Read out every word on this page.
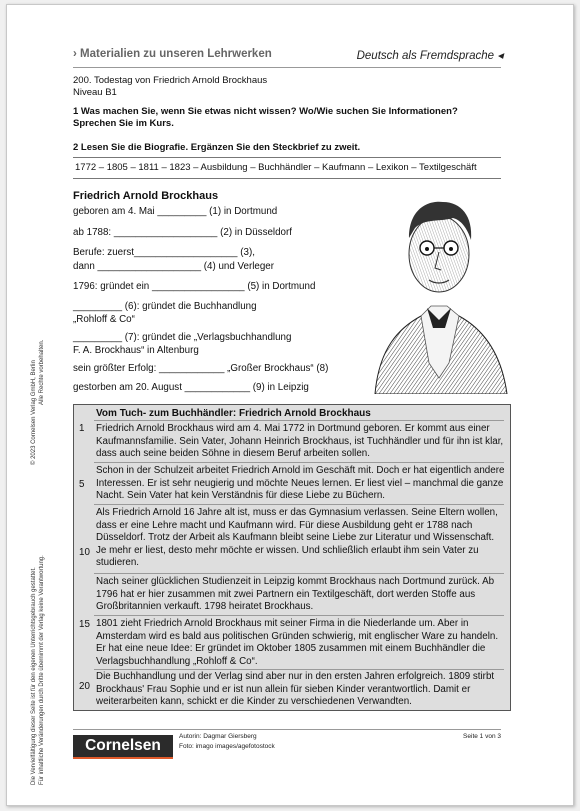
› Materialien zu unseren Lehrwerken	Deutsch als Fremdsprache ◂
200. Todestag von Friedrich Arnold Brockhaus
Niveau B1
1 Was machen Sie, wenn Sie etwas nicht wissen? Wo/Wie suchen Sie Informationen?
Sprechen Sie im Kurs.
2 Lesen Sie die Biografie. Ergänzen Sie den Steckbrief zu zweit.
1772 – 1805 – 1811 – 1823 – Ausbildung – Buchhändler – Kaufmann – Lexikon – Textilgeschäft
Friedrich Arnold Brockhaus
geboren am 4. Mai _________ (1) in Dortmund
ab 1788: ___________________ (2) in Düsseldorf
Berufe: zuerst___________________ (3),
dann ___________________ (4) und Verleger
1796: gründet ein _________________ (5) in Dortmund
_________ (6): gründet die Buchhandlung
„Rohloff & Co“
_________ (7): gründet die „Verlagsbuchhandlung
F. A. Brockhaus“ in Altenburg
sein größter Erfolg: ____________ „Großer Brockhaus“ (8)
gestorben am 20. August ____________ (9) in Leipzig
Vom Tuch- zum Buchhändler: Friedrich Arnold Brockhaus
1
5
10
15
20
Friedrich Arnold Brockhaus wird am 4. Mai 1772 in Dortmund geboren. Er kommt aus einer Kaufmannsfamilie. Sein Vater, Johann Heinrich Brockhaus, ist Tuchhändler und für ihn ist klar, dass auch seine beiden Söhne in diesem Beruf arbeiten sollen.
Schon in der Schulzeit arbeitet Friedrich Arnold im Geschäft mit. Doch er hat eigentlich andere Interessen. Er ist sehr neugierig und möchte Neues lernen. Er liest viel – manchmal die ganze Nacht. Sein Vater hat kein Verständnis für diese Liebe zu Büchern.
Als Friedrich Arnold 16 Jahre alt ist, muss er das Gymnasium verlassen. Seine Eltern wollen, dass er eine Lehre macht und Kaufmann wird. Für diese Ausbildung geht er 1788 nach Düsseldorf. Trotz der Arbeit als Kaufmann bleibt seine Liebe zur Literatur und Wissenschaft. Je mehr er liest, desto mehr möchte er wissen. Und schließlich erlaubt ihm sein Vater zu studieren.
Nach seiner glücklichen Studienzeit in Leipzig kommt Brockhaus nach Dortmund zurück. Ab 1796 hat er hier zusammen mit zwei Partnern ein Textilgeschäft, dort werden Stoffe aus Großbritannien verkauft. 1798 heiratet Brockhaus.
1801 zieht Friedrich Arnold Brockhaus mit seiner Firma in die Niederlande um. Aber in Amsterdam wird es bald aus politischen Gründen schwierig, mit englischer Ware zu handeln. Er hat eine neue Idee: Er gründet im Oktober 1805 zusammen mit einem Buchhändler die Verlagsbuchhandlung „Rohloff & Co“.
Die Buchhandlung und der Verlag sind aber nur in den ersten Jahren erfolgreich. 1809 stirbt Brockhaus' Frau Sophie und er ist nun allein für sieben Kinder verantwortlich. Damit er weiterarbeiten kann, schickt er die Kinder zu verschiedenen Verwandten.
© 2023 Cornelsen Verlag GmbH, Berlin Alle Rechte vorbehalten.
Die Vervielfältigung dieser Seite ist für den eigenen Unterrichtsgebrauch gestattet. Für inhaltliche Veränderungen durch Dritte übernimmt der Verlag keine Verantwortung.	Cornelsen
Autorin: Dagmar Giersberg
Foto: imago images/agefotostock
Seite 1 von 3
